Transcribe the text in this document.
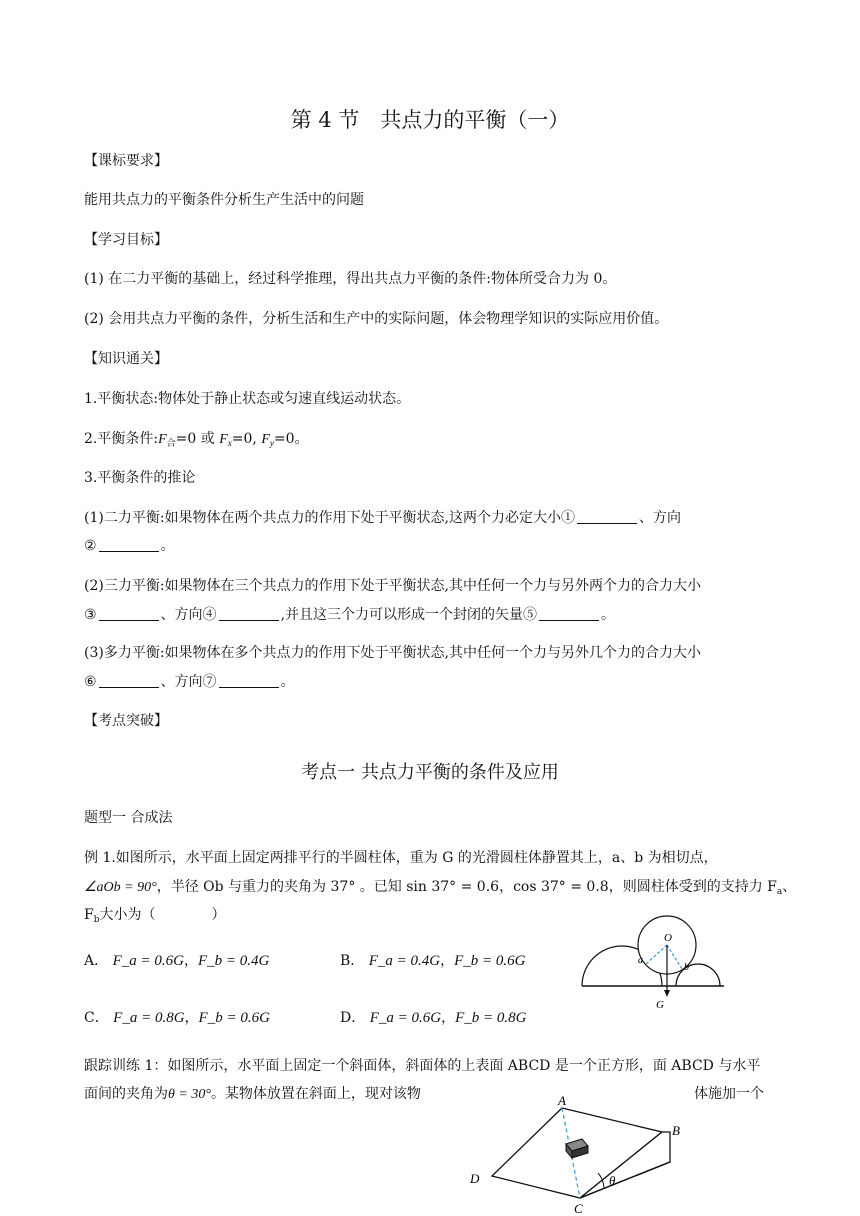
第 4 节　共点力的平衡（一）
【课标要求】
能用共点力的平衡条件分析生产生活中的问题
【学习目标】
(1) 在二力平衡的基础上，经过科学推理，得出共点力平衡的条件:物体所受合力为 0。
(2) 会用共点力平衡的条件，分析生活和生产中的实际问题，体会物理学知识的实际应用价值。
【知识通关】
1.平衡状态:物体处于静止状态或匀速直线运动状态。
2.平衡条件$:F_合=0$ 或 $F_x=0$, $F_y=0$。
3.平衡条件的推论
(1)二力平衡:如果物体在两个共点力的作用下处于平衡状态,这两个力必定大小①	、方向
②	。
(2)三力平衡:如果物体在三个共点力的作用下处于平衡状态,其中任何一个力与另外两个力的合力大小
③	、方向④	,并且这三个力可以形成一个封闭的矢量⑤	。
(3)多力平衡:如果物体在多个共点力的作用下处于平衡状态,其中任何一个力与另外几个力的合力大小
⑥	、方向⑦	。
【考点突破】
考点一 共点力平衡的条件及应用
题型一 合成法
例 1.如图所示，水平面上固定两排平行的半圆柱体，重为 G 的光滑圆柱体静置其上，a、b 为相切点，
∠aOb = 90°，半径 Ob 与重力的夹角为 37° 。已知 sin 37° = 0.6，cos 37° = 0.8，则圆柱体受到的支持力 $F_a$、
$F_b$大小为（　　　　）
A． F_a = 0.6G，F_b = 0.4G	B． F_a = 0.4G，F_b = 0.6G
C． F_a = 0.8G，F_b = 0.6G	D． F_a = 0.6G，F_b = 0.8G
O
a
b
G
跟踪训练 1：如图所示，水平面上固定一个斜面体，斜面体的上表面 ABCD 是一个正方形，面 ABCD 与水平
面间的夹角为θ = 30°。某物体放置在斜面上，现对该物	体施加一个
A
B
C
D	θ
